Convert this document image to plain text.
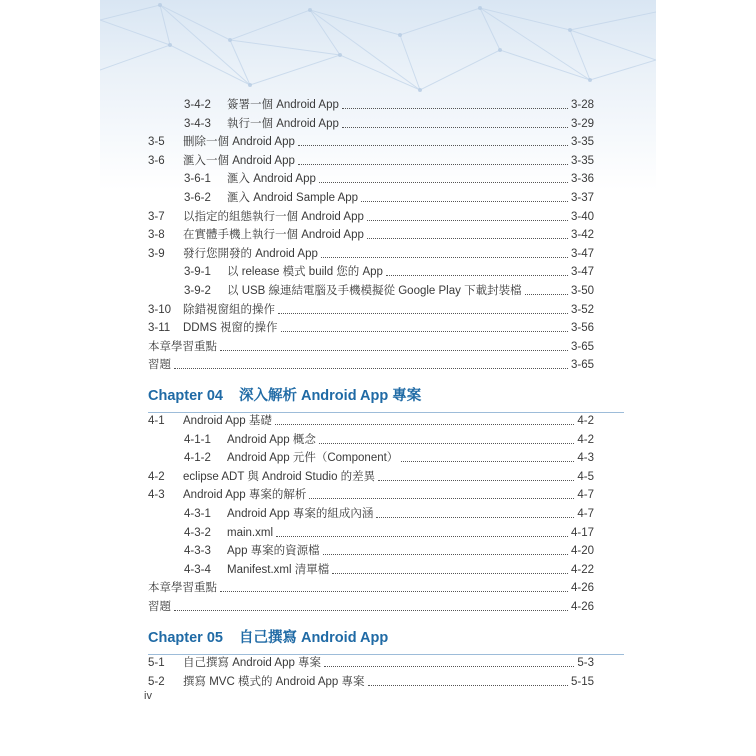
3-4-2	簽署一個 Android App	3-28
3-4-3	執行一個 Android App	3-29
3-5	刪除一個 Android App	3-35
3-6	滙入一個 Android App	3-35
3-6-1	滙入 Android App	3-36
3-6-2	滙入 Android Sample App	3-37
3-7	以指定的組態執行一個 Android App	3-40
3-8	在實體手機上執行一個 Android App	3-42
3-9	發行您開發的 Android App	3-47
3-9-1	以 release 模式 build 您的 App	3-47
3-9-2	以 USB 線連結電腦及手機模擬從 Google Play 下載封裝檔	3-50
3-10	除錯視窗組的操作	3-52
3-11	DDMS 視窗的操作	3-56
本章學習重點	3-65
習題	3-65
Chapter 04 深入解析 Android App 專案
4-1	Android App 基礎	4-2
4-1-1	Android App 概念	4-2
4-1-2	Android App 元件（Component）	4-3
4-2	eclipse ADT 與 Android Studio 的差異	4-5
4-3	Android App 專案的解析	4-7
4-3-1	Android App 專案的組成內涵	4-7
4-3-2	main.xml	4-17
4-3-3	App 專案的資源檔	4-20
4-3-4	Manifest.xml 清單檔	4-22
本章學習重點	4-26
習題	4-26
Chapter 05 自己撰寫 Android App
5-1	自己撰寫 Android App 專案	5-3
5-2	撰寫 MVC 模式的 Android App 專案	5-15
iv
